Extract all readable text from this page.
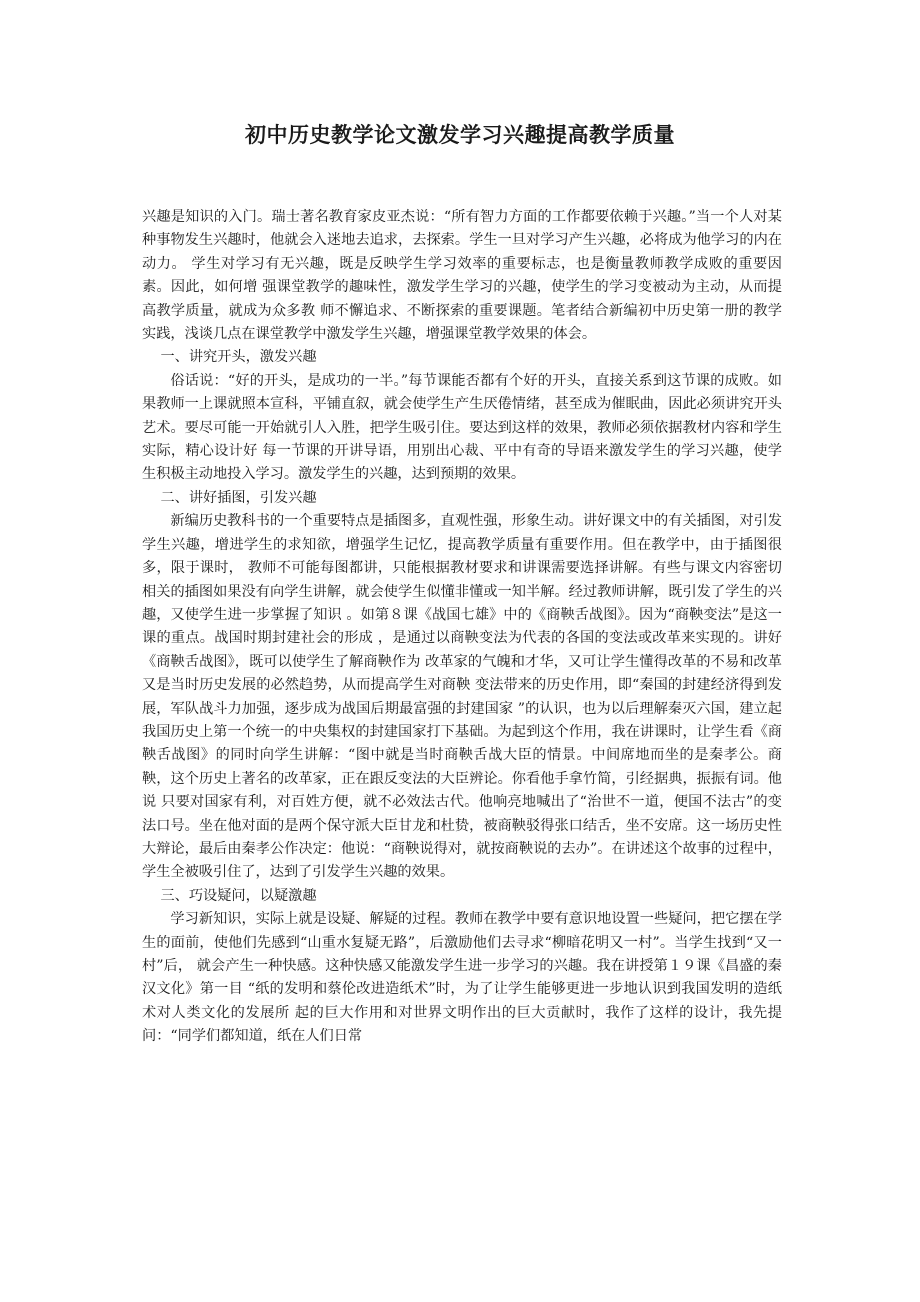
初中历史教学论文激发学习兴趣提高教学质量

兴趣是知识的入门。瑞士著名教育家皮亚杰说：“所有智力方面的工作都要依赖于兴趣。”当一个人对某 种事物发生兴趣时，他就会入迷地去追求，去探索。学生一旦对学习产生兴趣，必将成为他学习的内在动力。 学生对学习有无兴趣，既是反映学生学习效率的重要标志，也是衡量教师教学成败的重要因素。因此，如何增 强课堂教学的趣味性，激发学生学习的兴趣，使学生的学习变被动为主动，从而提高教学质量，就成为众多教 师不懈追求、不断探索的重要课题。笔者结合新编初中历史第一册的教学实践，浅谈几点在课堂教学中激发学生兴趣，增强课堂教学效果的体会。

一、讲究开头，激发兴趣

俗话说：“好的开头，是成功的一半。”每节课能否都有个好的开头，直接关系到这节课的成败。如果教师一上课就照本宣科，平铺直叙，就会使学生产生厌倦情绪，甚至成为催眠曲，因此必须讲究开头艺术。要尽可能一开始就引人入胜，把学生吸引住。要达到这样的效果，教师必须依据教材内容和学生实际，精心设计好 每一节课的开讲导语，用别出心裁、平中有奇的导语来激发学生的学习兴趣，使学生积极主动地投入学习。激发学生的兴趣，达到预期的效果。

二、讲好插图，引发兴趣

新编历史教科书的一个重要特点是插图多，直观性强，形象生动。讲好课文中的有关插图，对引发学生兴趣，增进学生的求知欲，增强学生记忆，提高教学质量有重要作用。但在教学中，由于插图很多，限于课时， 教师不可能每图都讲，只能根据教材要求和讲课需要选择讲解。有些与课文内容密切相关的插图如果没有向学生讲解，就会使学生似懂非懂或一知半解。经过教师讲解，既引发了学生的兴趣，又使学生进一步掌握了知识 。如第８课《战国七雄》中的《商鞅舌战图》。因为“商鞅变法”是这一课的重点。战国时期封建社会的形成 ，是通过以商鞅变法为代表的各国的变法或改革来实现的。讲好《商鞅舌战图》，既可以使学生了解商鞅作为 改革家的气魄和才华，又可让学生懂得改革的不易和改革又是当时历史发展的必然趋势，从而提高学生对商鞅 变法带来的历史作用，即“秦国的封建经济得到发展，军队战斗力加强，逐步成为战国后期最富强的封建国家 ”的认识，也为以后理解秦灭六国，建立起我国历史上第一个统一的中央集权的封建国家打下基础。为起到这个作用，我在讲课时，让学生看《商鞅舌战图》的同时向学生讲解：“图中就是当时商鞅舌战大臣的情景。中间席地而坐的是秦孝公。商鞅，这个历史上著名的改革家，正在跟反变法的大臣辨论。你看他手拿竹简，引经据典，振振有词。他说 只要对国家有利，对百姓方便，就不必效法古代。他响亮地喊出了“治世不一道，便国不法古”的变法口号。坐在他对面的是两个保守派大臣甘龙和杜贽，被商鞅驳得张口结舌，坐不安席。这一场历史性大辩论，最后由秦孝公作决定：他说：“商鞅说得对，就按商鞅说的去办”。在讲述这个故事的过程中，学生全被吸引住了，达到了引发学生兴趣的效果。

三、巧设疑问，以疑激趣

学习新知识，实际上就是设疑、解疑的过程。教师在教学中要有意识地设置一些疑问，把它摆在学生的面前，使他们先感到“山重水复疑无路”，后激励他们去寻求“柳暗花明又一村”。当学生找到“又一村”后， 就会产生一种快感。这种快感又能激发学生进一步学习的兴趣。我在讲授第１９课《昌盛的秦汉文化》第一目 “纸的发明和蔡伦改进造纸术”时，为了让学生能够更进一步地认识到我国发明的造纸术对人类文化的发展所 起的巨大作用和对世界文明作出的巨大贡献时，我作了这样的设计，我先提问：“同学们都知道，纸在人们日常
